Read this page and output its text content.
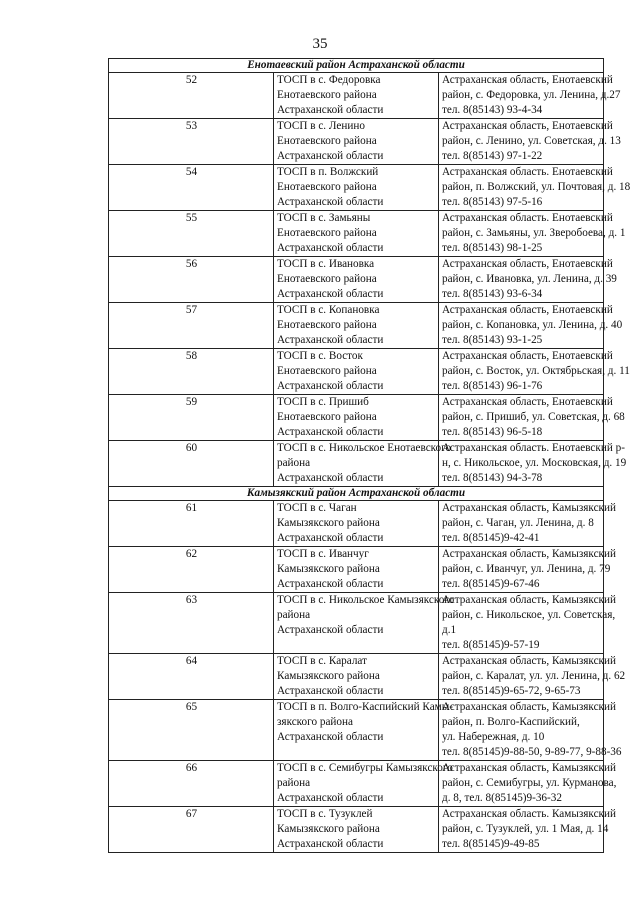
35
Енотаевский район Астраханской области		
52	ТОСП в с. Федоровка
Енотаевского района
Астраханской области	Астраханская область, Енотаевский
район, с. Федоровка, ул. Ленина, д.27
тел. 8(85143) 93-4-34

53	ТОСП в с. Ленино
Енотаевского района
Астраханской области	Астраханская область, Енотаевский
район, с. Ленино, ул. Советская, д. 13
тел. 8(85143) 97-1-22

54	ТОСП в п. Волжский
Енотаевского района
Астраханской области	Астраханская область. Енотаевский
район, п. Волжский, ул. Почтовая, д. 18
тел. 8(85143) 97-5-16

55	ТОСП в с. Замьяны
Енотаевского района
Астраханской области	Астраханская область. Енотаевский
район, с. Замьяны, ул. Зверобоева, д. 1
тел. 8(85143) 98-1-25

56	ТОСП в с. Ивановка
Енотаевского района
Астраханской области	Астраханская область, Енотаевский
район, с. Ивановка, ул. Ленина, д. 39
тел. 8(85143) 93-6-34

57	ТОСП в с. Копановка
Енотаевского района
Астраханской области	Астраханская область, Енотаевский
район, с. Копановка, ул. Ленина, д. 40
тел. 8(85143) 93-1-25

58	ТОСП в с. Восток
Енотаевского района
Астраханской области	Астраханская область, Енотаевский
район, с. Восток, ул. Октябрьская, д. 11
тел. 8(85143) 96-1-76

59	ТОСП в с. Пришиб
Енотаевского района
Астраханской области	Астраханская область, Енотаевский
район, с. Пришиб, ул. Советская, д. 68
тел. 8(85143) 96-5-18

60	ТОСП в с. Никольское Енотаевского
района
Астраханской области	Астраханская область. Енотаевский р-
н, с. Никольское, ул. Московская, д. 19
тел. 8(85143) 94-3-78

Камызякский район Астраханской области		
61	ТОСП в с. Чаган
Камызякского района
Астраханской области	Астраханская область, Камызякский
район, с. Чаган, ул. Ленина, д. 8
тел. 8(85145)9-42-41

62	ТОСП в с. Иванчуг
Камызякского района
Астраханской области	Астраханская область, Камызякский
район, с. Иванчуг, ул. Ленина, д. 79
тел. 8(85145)9-67-46

63	ТОСП в с. Никольское Камызякского
района
Астраханской области	Астраханская область, Камызякский
район, с. Никольское, ул. Советская,
д.1
тел. 8(85145)9-57-19

64	ТОСП в с. Каралат
Камызякского района
Астраханской области	Астраханская область, Камызякский
район, с. Каралат, ул. ул. Ленина, д. 62
тел. 8(85145)9-65-72, 9-65-73

65	ТОСП в п. Волго-Каспийский Камы-
зякского района
Астраханской области	Астраханская область, Камызякский
район, п. Волго-Каспийский,
ул. Набережная, д. 10
тел. 8(85145)9-88-50, 9-89-77, 9-88-36

66	ТОСП в с. Семибугры Камызякского
района
Астраханской области	Астраханская область, Камызякский
район, с. Семибугры, ул. Курманова,
д. 8, тел. 8(85145)9-36-32

67	ТОСП в с. Тузуклей
Камызякского района
Астраханской области	Астраханская область. Камызякский
район, с. Тузуклей, ул. 1 Мая, д. 14
тел. 8(85145)9-49-85
